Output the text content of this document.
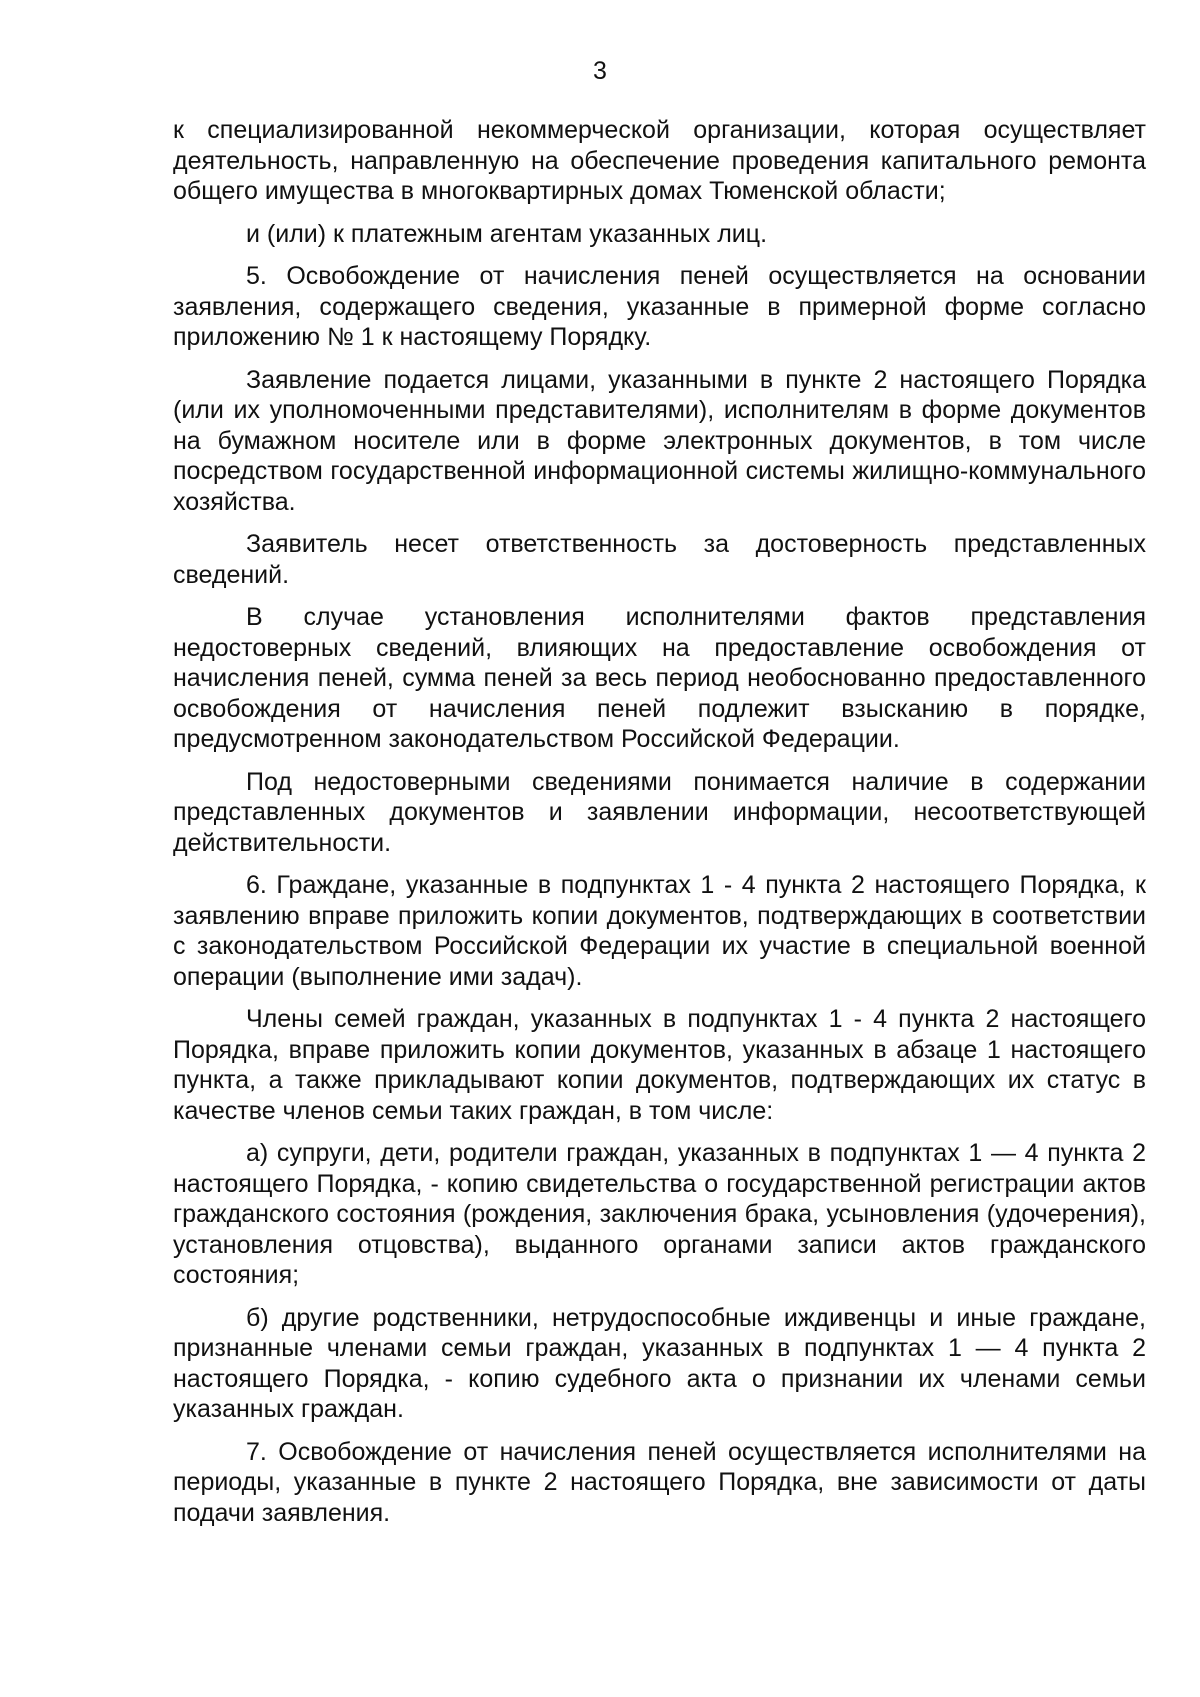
3

к специализированной некоммерческой организации, которая осуществляет деятельность, направленную на обеспечение проведения капитального ремонта общего имущества в многоквартирных домах Тюменской области;

и (или) к платежным агентам указанных лиц.

5. Освобождение от начисления пеней осуществляется на основании заявления, содержащего сведения, указанные в примерной форме согласно приложению № 1 к настоящему Порядку.

Заявление подается лицами, указанными в пункте 2 настоящего Порядка (или их уполномоченными представителями), исполнителям в форме документов на бумажном носителе или в форме электронных документов, в том числе посредством государственной информационной системы жилищно-коммунального хозяйства.

Заявитель несет ответственность за достоверность представленных сведений.

В случае установления исполнителями фактов представления недостоверных сведений, влияющих на предоставление освобождения от начисления пеней, сумма пеней за весь период необоснованно предоставленного освобождения от начисления пеней подлежит взысканию в порядке, предусмотренном законодательством Российской Федерации.

Под недостоверными сведениями понимается наличие в содержании представленных документов и заявлении информации, несоответствующей действительности.

6. Граждане, указанные в подпунктах 1 - 4 пункта 2 настоящего Порядка, к заявлению вправе приложить копии документов, подтверждающих в соответствии с законодательством Российской Федерации их участие в специальной военной операции (выполнение ими задач).

Члены семей граждан, указанных в подпунктах 1 - 4 пункта 2 настоящего Порядка, вправе приложить копии документов, указанных в абзаце 1 настоящего пункта, а также прикладывают копии документов, подтверждающих их статус в качестве членов семьи таких граждан, в том числе:

а) супруги, дети, родители граждан, указанных в подпунктах 1 — 4 пункта 2 настоящего Порядка, - копию свидетельства о государственной регистрации актов гражданского состояния (рождения, заключения брака, усыновления (удочерения), установления отцовства), выданного органами записи актов гражданского состояния;

б) другие родственники, нетрудоспособные иждивенцы и иные граждане, признанные членами семьи граждан, указанных в подпунктах 1 — 4 пункта 2 настоящего Порядка, - копию судебного акта о признании их членами семьи указанных граждан.

7. Освобождение от начисления пеней осуществляется исполнителями на периоды, указанные в пункте 2 настоящего Порядка, вне зависимости от даты подачи заявления.
